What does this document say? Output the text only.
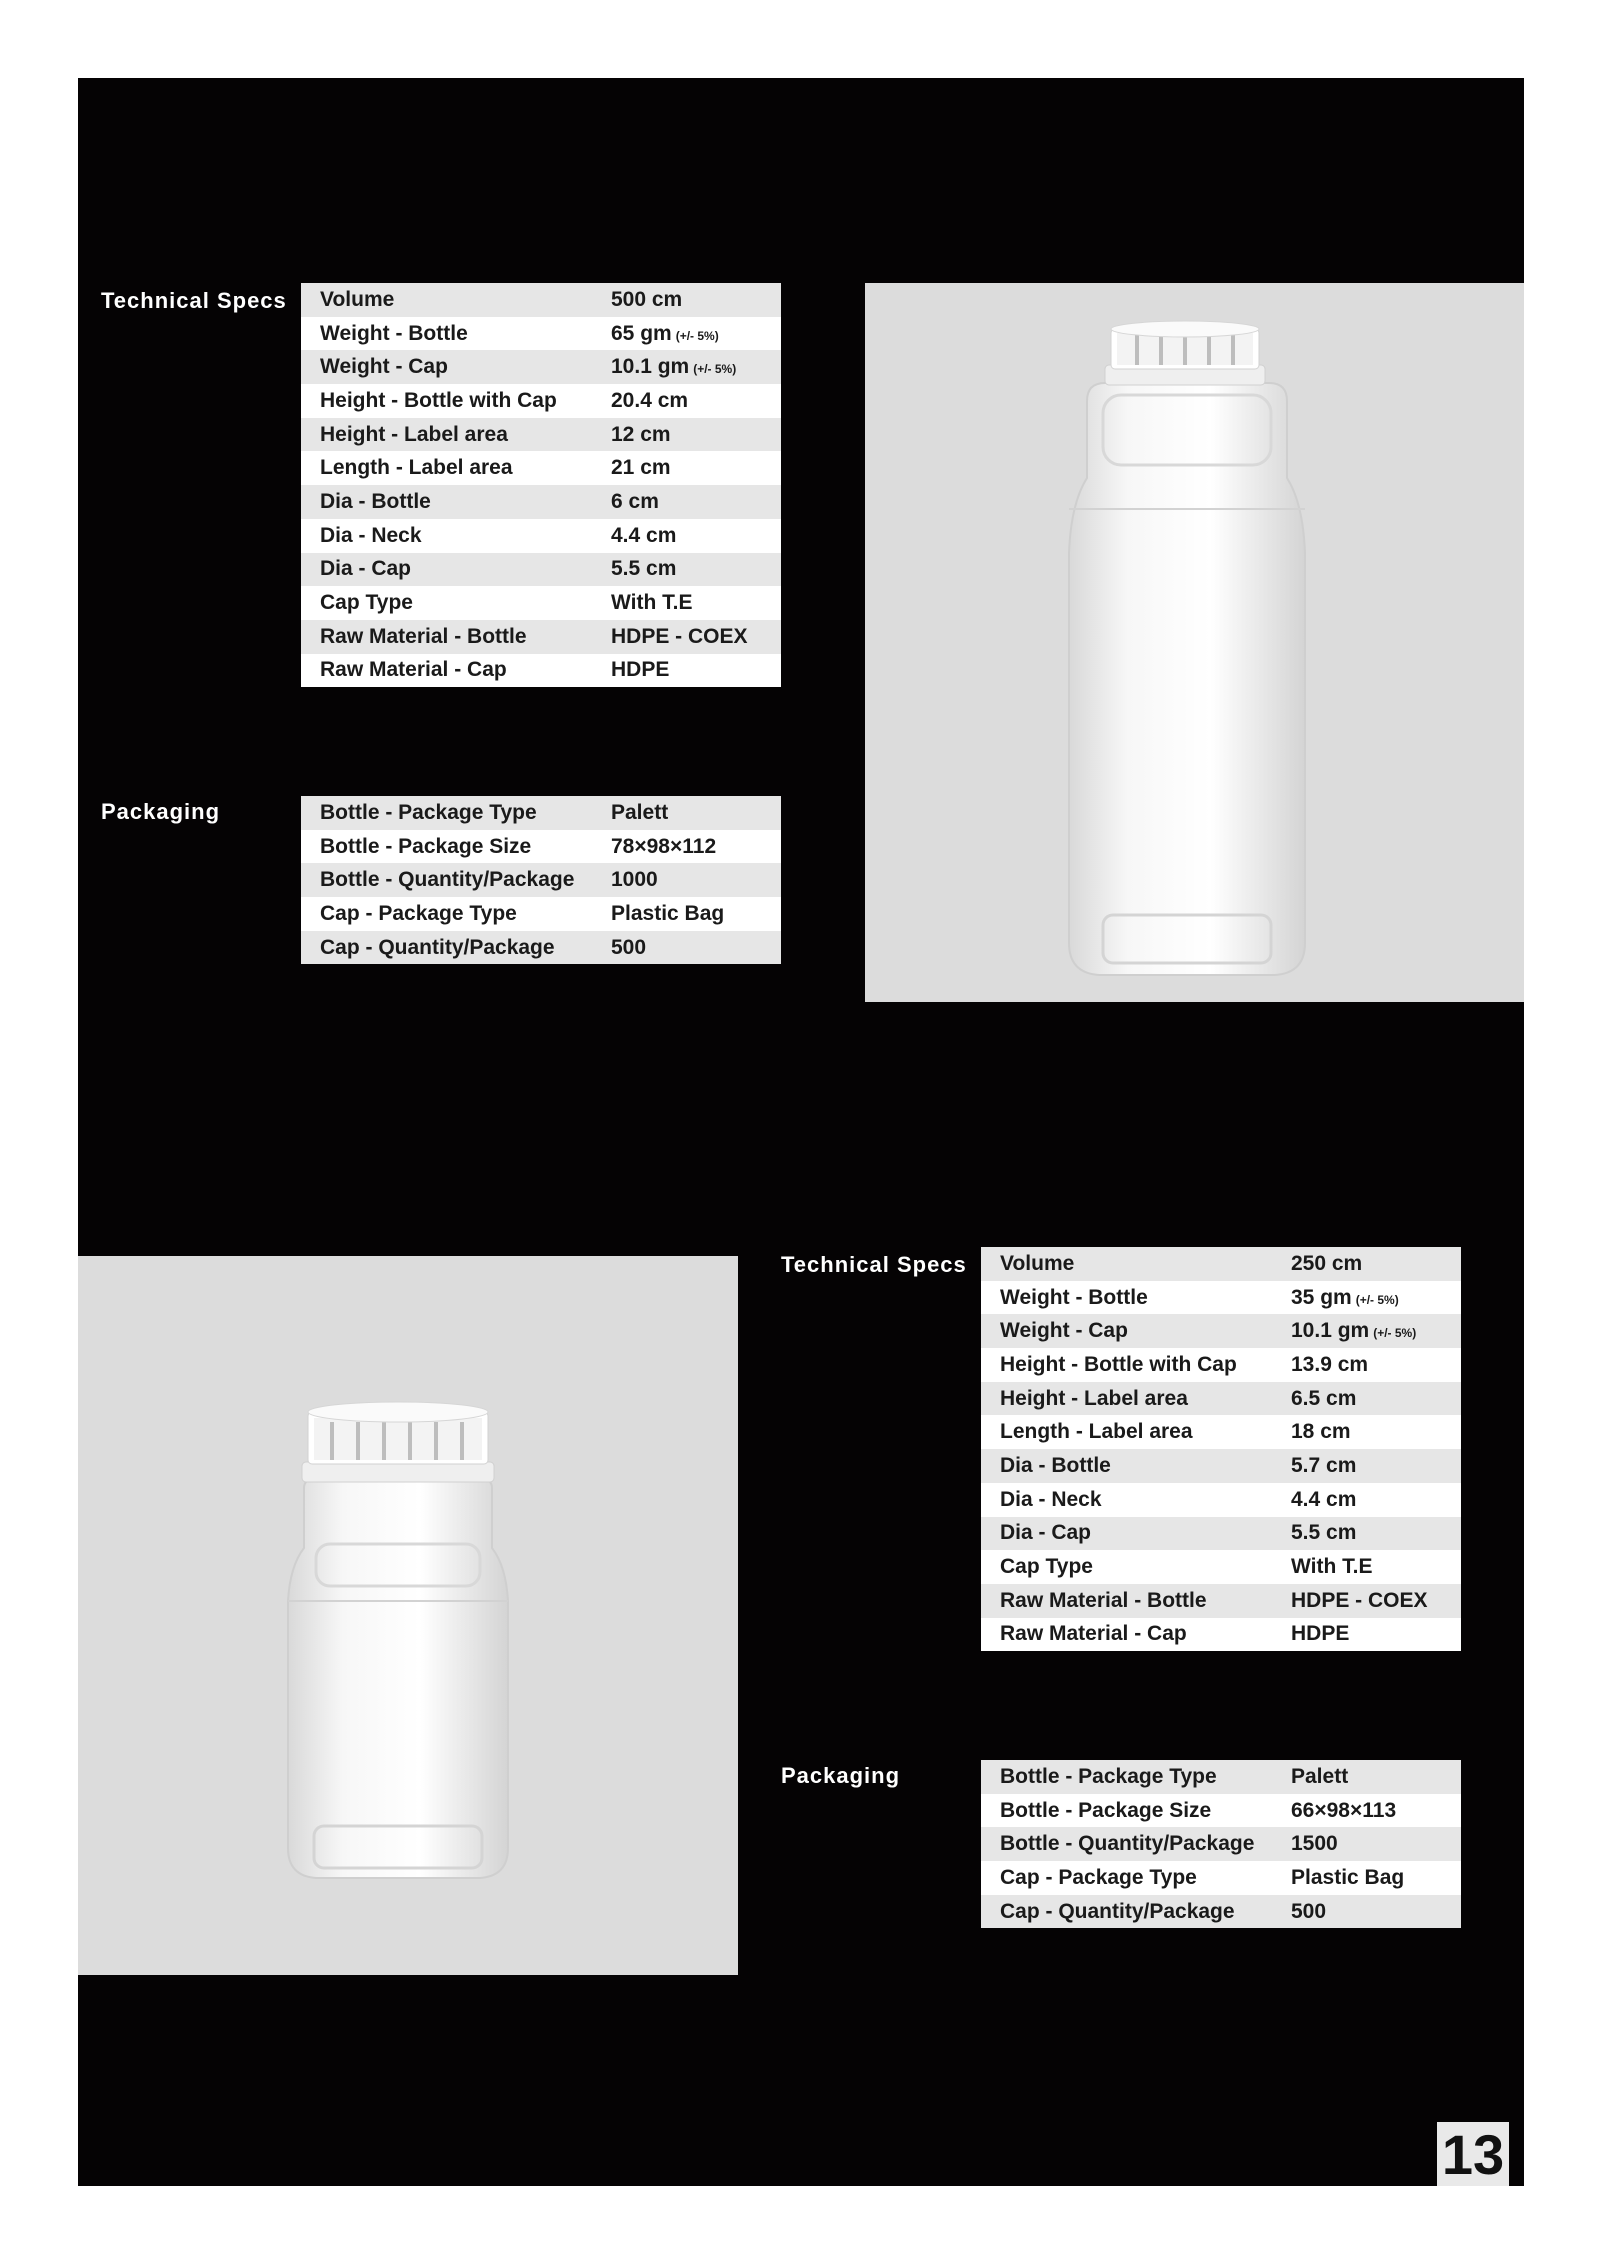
Technical Specs Volume	500 cm
Weight - Bottle	65 gm (+/- 5%)
Weight - Cap	10.1 gm (+/- 5%)
Height - Bottle with Cap	20.4 cm
Height - Label area	12 cm
Length - Label area	21 cm
Dia - Bottle	6 cm
Dia - Neck	4.4 cm
Dia - Cap	5.5 cm
Cap Type	With T.E
Raw Material - Bottle	HDPE - COEX
Raw Material - Cap	HDPE
Packaging	Bottle - Package Type	Palett
Bottle - Package Size	78×98×112
Bottle - Quantity/Package	1000
Cap - Package Type	Plastic Bag
Cap - Quantity/Package	500
Technical Specs Volume	250 cm
Weight - Bottle	35 gm (+/- 5%)
Weight - Cap	10.1 gm (+/- 5%)
Height - Bottle with Cap	13.9 cm
Height - Label area	6.5 cm
Length - Label area	18 cm
Dia - Bottle	5.7 cm
Dia - Neck	4.4 cm
Dia - Cap	5.5 cm
Cap Type	With T.E
Raw Material - Bottle	HDPE - COEX
Raw Material - Cap	HDPE
Packaging	Bottle - Package Type	Palett
Bottle - Package Size	66×98×113
Bottle - Quantity/Package	1500
Cap - Package Type	Plastic Bag
Cap - Quantity/Package	500
13
